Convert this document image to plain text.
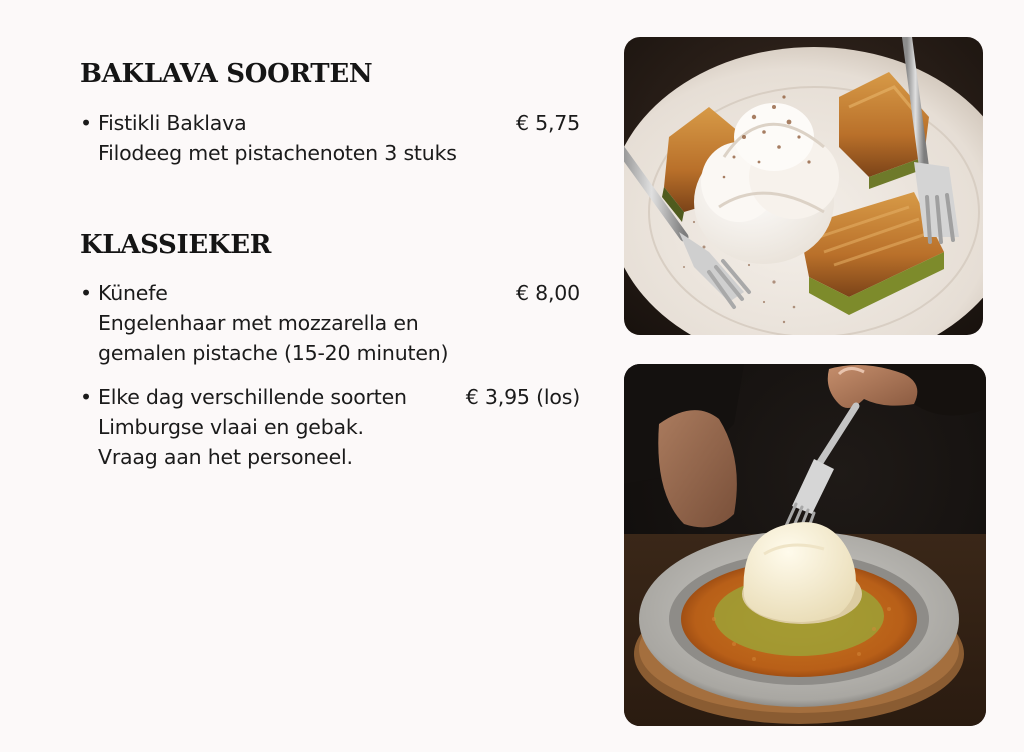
BAKLAVA SOORTEN
• Fistikli Baklava
Filodeeg met pistachenoten 3 stuks
€ 5,75
KLASSIEKER
• Künefe
Engelenhaar met mozzarella en
gemalen pistache (15-20 minuten)
€ 8,00
• Elke dag verschillende soorten
Limburgse vlaai en gebak.
Vraag aan het personeel.
€ 3,95 (los)
